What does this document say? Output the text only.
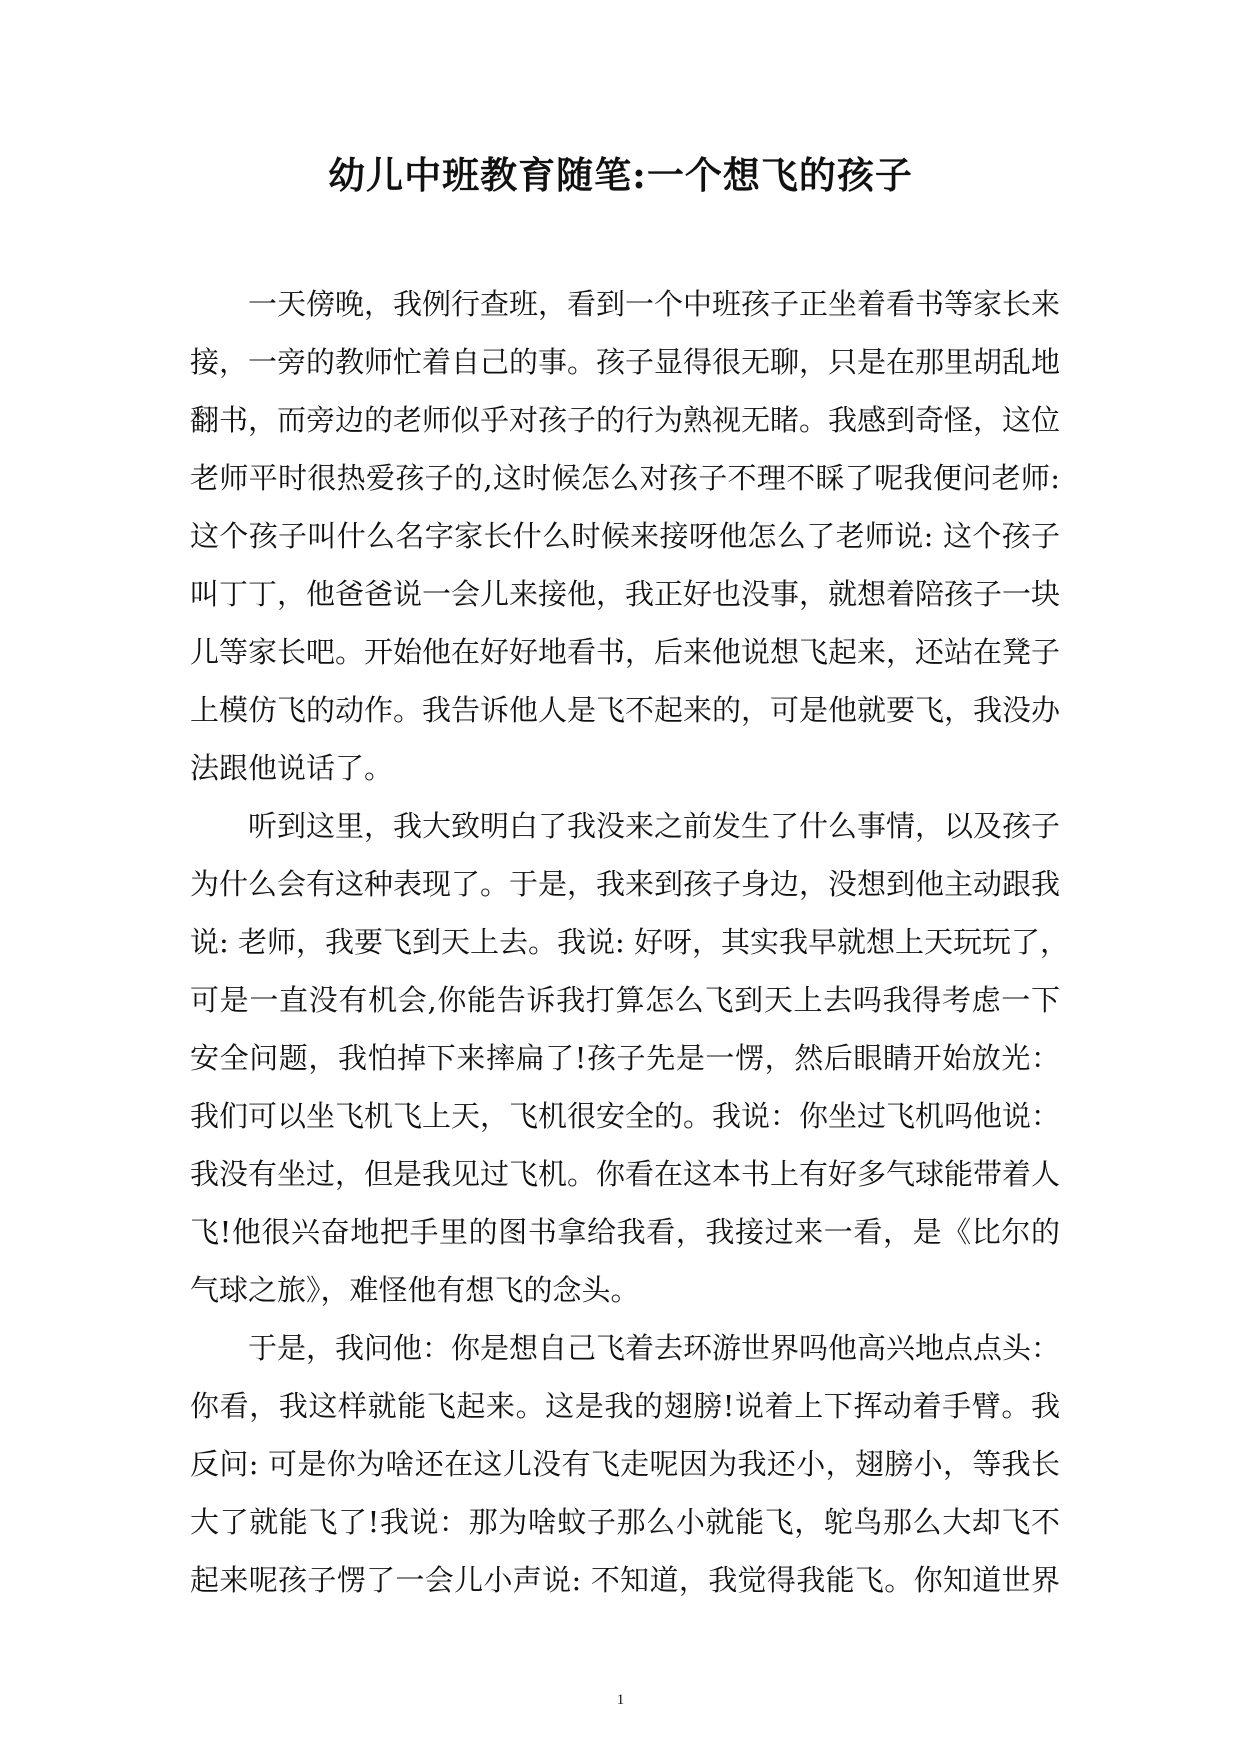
幼儿中班教育随笔:一个想飞的孩子
一天傍晚，我例行查班，看到一个中班孩子正坐着看书等家长来
接，一旁的教师忙着自己的事。孩子显得很无聊，只是在那里胡乱地
翻书，而旁边的老师似乎对孩子的行为熟视无睹。我感到奇怪，这位
老师平时很热爱孩子的,这时候怎么对孩子不理不睬了呢我便问老师:
这个孩子叫什么名字家长什么时候来接呀他怎么了老师说: 这个孩子
叫丁丁，他爸爸说一会儿来接他，我正好也没事，就想着陪孩子一块
儿等家长吧。开始他在好好地看书，后来他说想飞起来，还站在凳子
上模仿飞的动作。我告诉他人是飞不起来的，可是他就要飞，我没办
法跟他说话了。
听到这里，我大致明白了我没来之前发生了什么事情，以及孩子
为什么会有这种表现了。于是，我来到孩子身边，没想到他主动跟我
说: 老师，我要飞到天上去。我说: 好呀，其实我早就想上天玩玩了，
可是一直没有机会,你能告诉我打算怎么飞到天上去吗我得考虑一下
安全问题，我怕掉下来摔扁了!孩子先是一愣，然后眼睛开始放光：
我们可以坐飞机飞上天，飞机很安全的。我说：你坐过飞机吗他说：
我没有坐过，但是我见过飞机。你看在这本书上有好多气球能带着人
飞!他很兴奋地把手里的图书拿给我看，我接过来一看，是《比尔的
气球之旅》，难怪他有想飞的念头。
于是，我问他：你是想自己飞着去环游世界吗他高兴地点点头：
你看，我这样就能飞起来。这是我的翅膀!说着上下挥动着手臂。我
反问: 可是你为啥还在这儿没有飞走呢因为我还小，翅膀小，等我长
大了就能飞了!我说：那为啥蚊子那么小就能飞，鸵鸟那么大却飞不
起来呢孩子愣了一会儿小声说: 不知道，我觉得我能飞。你知道世界
1
